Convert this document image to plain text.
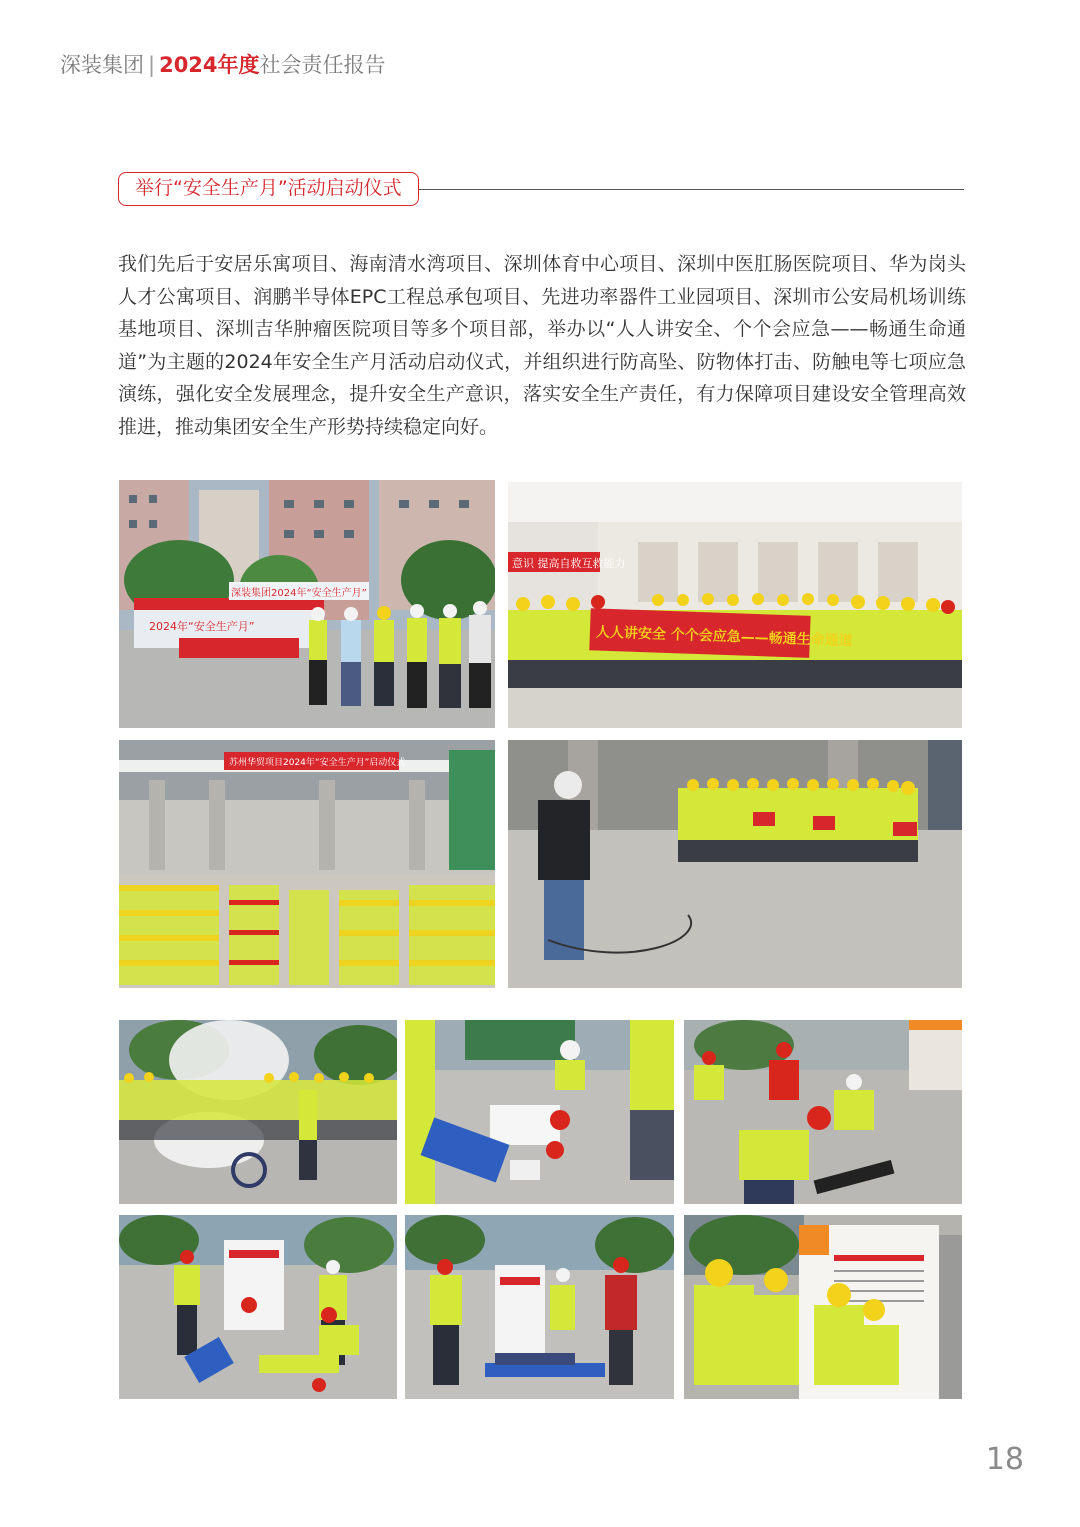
深装集团 | 2024年度社会责任报告
举行“安全生产月”活动启动仪式
我们先后于安居乐寓项目、海南清水湾项目、深圳体育中心项目、深圳中医肛肠医院项目、华为岗头人才公寓项目、润鹏半导体EPC工程总承包项目、先进功率器件工业园项目、深圳市公安局机场训练基地项目、深圳吉华肿瘤医院项目等多个项目部，举办以“人人讲安全、个个会应急——畅通生命通道”为主题的2024年安全生产月活动启动仪式，并组织进行防高坠、防物体打击、防触电等七项应急演练，强化安全发展理念，提升安全生产意识，落实安全生产责任，有力保障项目建设安全管理高效推进，推动集团安全生产形势持续稳定向好。
2024年“安全生产月”
深装集团2024年“安全生产月”
意识 提高自救互救能力
人人讲安全 个个会应急——畅通生命通道
苏州华贸项目2024年“安全生产月”启动仪式
18
